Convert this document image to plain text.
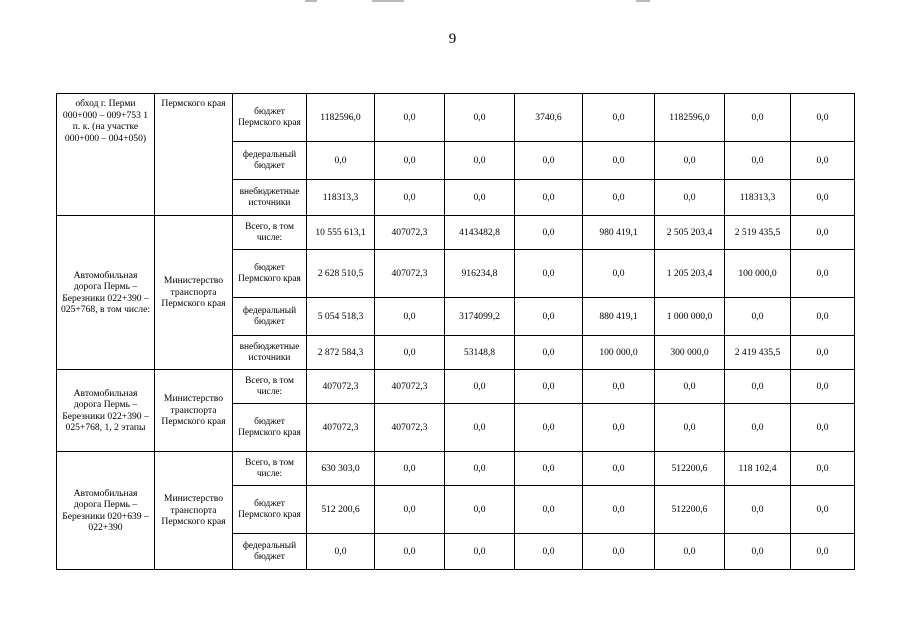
9
обход г. Перми 000+000 – 009+753 1 п. к. (на участке 000+000 – 004+050)	Пермского края	бюджет Пермского края	1182596,0	0,0	0,0	3740,6	0,0	1182596,0	0,0	0,0
		федеральный бюджет	0,0	0,0	0,0	0,0	0,0	0,0	0,0	0,0
		внебюджетные источники	118313,3	0,0	0,0	0,0	0,0	0,0	118313,3	0,0
Автомобильная дорога Пермь – Березники 022+390 – 025+768, в том числе:	Министерство транспорта Пермского края	Всего, в том числе:	10 555 613,1	407072,3	4143482,8	0,0	980 419,1	2 505 203,4	2 519 435,5	0,0
		бюджет Пермского края	2 628 510,5	407072,3	916234,8	0,0	0,0	1 205 203,4	100 000,0	0,0
		федеральный бюджет	5 054 518,3	0,0	3174099,2	0,0	880 419,1	1 000 000,0	0,0	0,0
		внебюджетные источники	2 872 584,3	0,0	53148,8	0,0	100 000,0	300 000,0	2 419 435,5	0,0
Автомобильная дорога Пермь – Березники 022+390 – 025+768, 1, 2 этапы	Министерство транспорта Пермского края	Всего, в том числе:	407072,3	407072,3	0,0	0,0	0,0	0,0	0,0	0,0
		бюджет Пермского края	407072,3	407072,3	0,0	0,0	0,0	0,0	0,0	0,0
Автомобильная дорога Пермь – Березники 020+639 – 022+390	Министерство транспорта Пермского края	Всего, в том числе:	630 303,0	0,0	0,0	0,0	0,0	512200,6	118 102,4	0,0
		бюджет Пермского края	512 200,6	0,0	0,0	0,0	0,0	512200,6	0,0	0,0
		федеральный бюджет	0,0	0,0	0,0	0,0	0,0	0,0	0,0	0,0
